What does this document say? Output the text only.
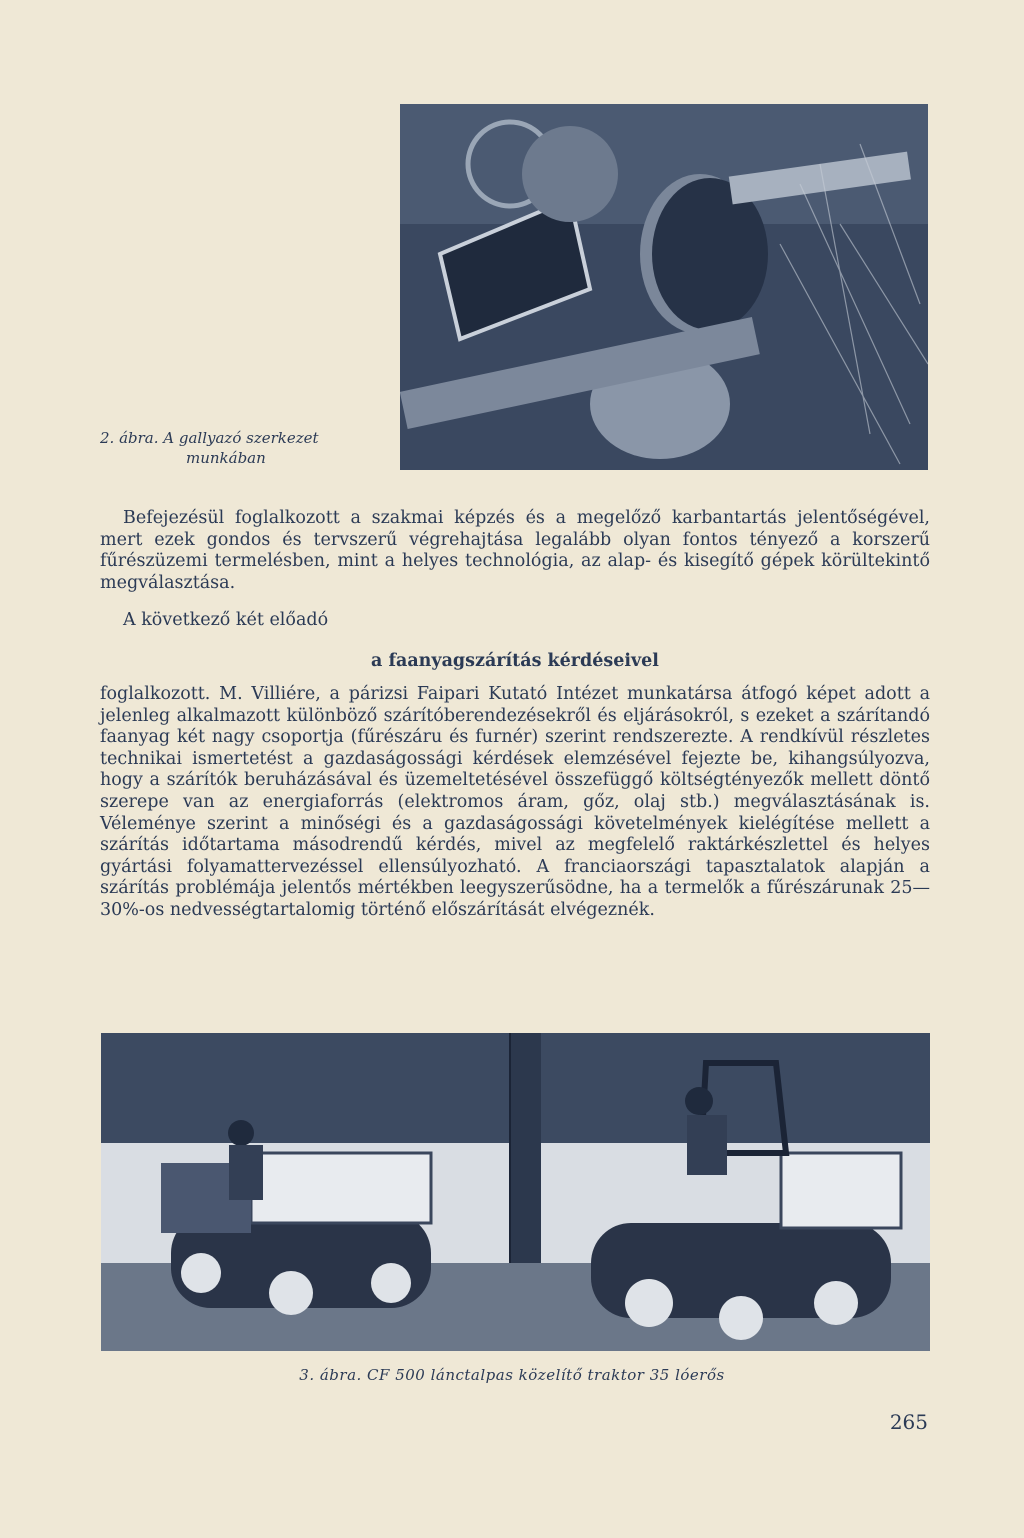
2. ábra. A gallyazó szerkezet
munkában

Befejezésül foglalkozott a szakmai képzés és a megelőző karbantartás jelentőségével, mert ezek gondos és tervszerű végrehajtása legalább olyan fontos tényező a korszerű fűrészüzemi termelésben, mint a helyes technológia, az alap- és kisegítő gépek körültekintő megválasztása.

A következő két előadó

a faanyagszárítás kérdéseivel

foglalkozott. M. Villiére, a párizsi Faipari Kutató Intézet munkatársa átfogó képet adott a jelenleg alkalmazott különböző szárítóberendezésekről és eljárásokról, s ezeket a szárítandó faanyag két nagy csoportja (fűrészáru és furnér) szerint rendszerezte. A rendkívül részletes technikai ismertetést a gazdaságossági kérdések elemzésével fejezte be, kihangsúlyozva, hogy a szárítók beruházásával és üzemeltetésével összefüggő költségtényezők mellett döntő szerepe van az energiaforrás (elektromos áram, gőz, olaj stb.) megválasztásának is. Véleménye szerint a minőségi és a gazdaságossági követelmények kielégítése mellett a szárítás időtartama másodrendű kérdés, mivel az megfelelő raktárkészlettel és helyes gyártási folyamattervezéssel ellensúlyozható. A franciaországi tapasztalatok alapján a szárítás problémája jelentős mértékben leegyszerűsödne, ha a termelők a fűrészárunak 25—30%-os nedvességtartalomig történő előszárítását elvégeznék.

3. ábra. CF 500 lánctalpas közelítő traktor 35 lóerős
265
